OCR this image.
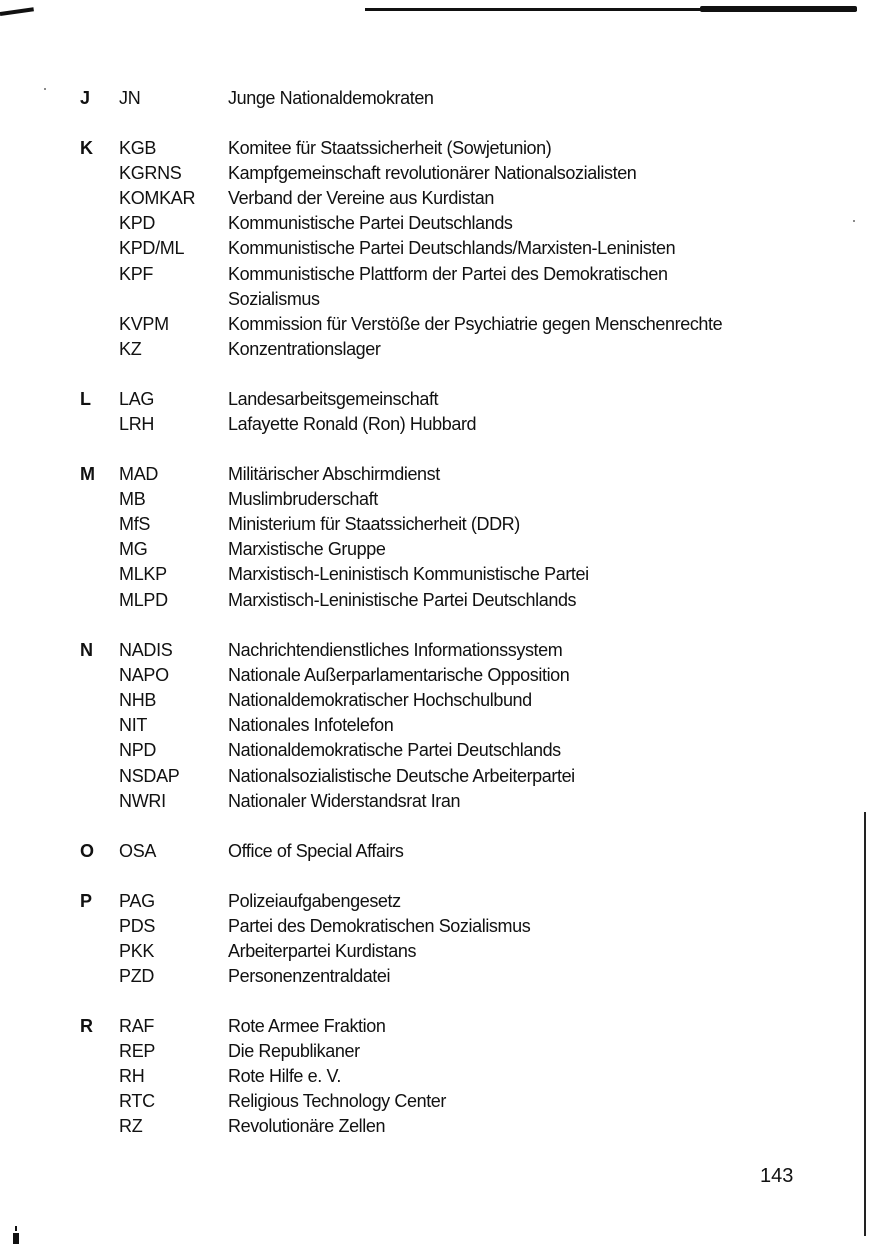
J	JN	Junge Nationaldemokraten
K	KGB	Komitee für Staatssicherheit (Sowjetunion)
KGRNS	Kampfgemeinschaft revolutionärer Nationalsozialisten
KOMKAR	Verband der Vereine aus Kurdistan
KPD	Kommunistische Partei Deutschlands
KPD/ML	Kommunistische Partei Deutschlands/Marxisten-Leninisten
KPF	Kommunistische Plattform der Partei des Demokratischen Sozialismus
KVPM	Kommission für Verstöße der Psychiatrie gegen Menschenrechte
KZ	Konzentrationslager
L	LAG	Landesarbeitsgemeinschaft
LRH	Lafayette Ronald (Ron) Hubbard
M MAD	Militärischer Abschirmdienst
MB	Muslimbruderschaft
MfS	Ministerium für Staatssicherheit (DDR)
MG	Marxistische Gruppe
MLKP	Marxistisch-Leninistisch Kommunistische Partei
MLPD	Marxistisch-Leninistische Partei Deutschlands
N	NADIS	Nachrichtendienstliches Informationssystem
NAPO	Nationale Außerparlamentarische Opposition
NHB	Nationaldemokratischer Hochschulbund
NIT	Nationales Infotelefon
NPD	Nationaldemokratische Partei Deutschlands
NSDAP	Nationalsozialistische Deutsche Arbeiterpartei
NWRI	Nationaler Widerstandsrat Iran
O	OSA	Office of Special Affairs
P	PAG	Polizeiaufgabengesetz
PDS	Partei des Demokratischen Sozialismus
PKK	Arbeiterpartei Kurdistans
PZD	Personenzentraldatei
R	RAF	Rote Armee Fraktion
REP	Die Republikaner
RH	Rote Hilfe e. V.
RTC	Religious Technology Center
RZ	Revolutionäre Zellen
143
